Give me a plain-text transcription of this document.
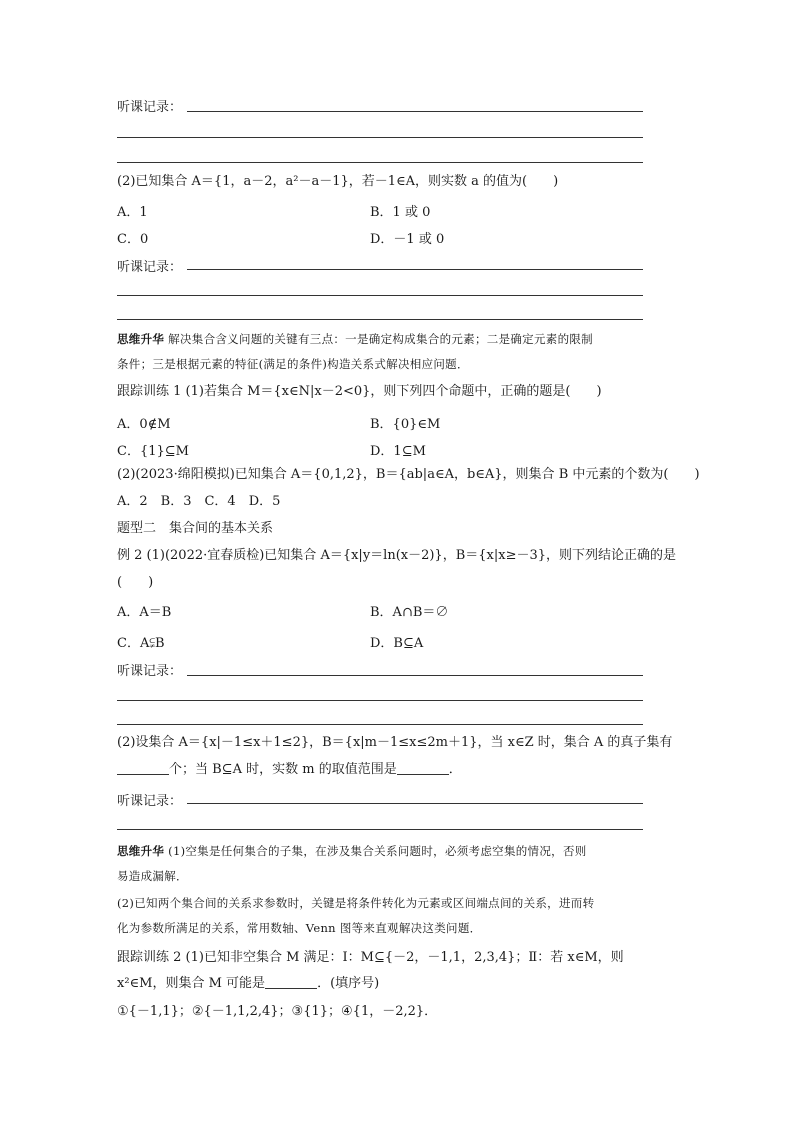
听课记录：
(2)已知集合 A＝{1，a－2，a²－a－1}，若－1∈A，则实数 a 的值为(　　)
A．1	B．1 或 0
C．0	D．－1 或 0
听课记录：
思维升华 解决集合含义问题的关键有三点：一是确定构成集合的元素；二是确定元素的限制
条件；三是根据元素的特征(满足的条件)构造关系式解决相应问题．
跟踪训练 1 (1)若集合 M＝{x∈N|x－2<0}，则下列四个命题中，正确的题是(　　)
A．0∉M	B．{0}∈M
C．{1}⊆M	D．1⊆M
(2)(2023·绵阳模拟)已知集合 A＝{0,1,2}，B＝{ab|a∈A，b∈A}，则集合 B 中元素的个数为(　　)
A．2　B．3　C．4　D．5
题型二　集合间的基本关系
例 2 (1)(2022·宜春质检)已知集合 A＝{x|y＝ln(x－2)}，B＝{x|x≥－3}，则下列结论正确的是
(　　)
A．A＝B	B．A∩B＝∅
C．A⫋B	D．B⊆A
听课记录：
(2)设集合 A＝{x|－1≤x＋1≤2}，B＝{x|m－1≤x≤2m＋1}，当 x∈Z 时，集合 A 的真子集有
个；当 B⊆A 时，实数 m 的取值范围是	．
听课记录：
思维升华 (1)空集是任何集合的子集，在涉及集合关系问题时，必须考虑空集的情况，否则
易造成漏解．
(2)已知两个集合间的关系求参数时，关键是将条件转化为元素或区间端点间的关系，进而转
化为参数所满足的关系，常用数轴、Venn 图等来直观解决这类问题．
跟踪训练 2 (1)已知非空集合 M 满足：Ⅰ：M⊆{－2，－1,1，2,3,4}；Ⅱ：若 x∈M，则
x²∈M，则集合 M 可能是	．(填序号)
①{－1,1}；②{－1,1,2,4}；③{1}；④{1，－2,2}．
